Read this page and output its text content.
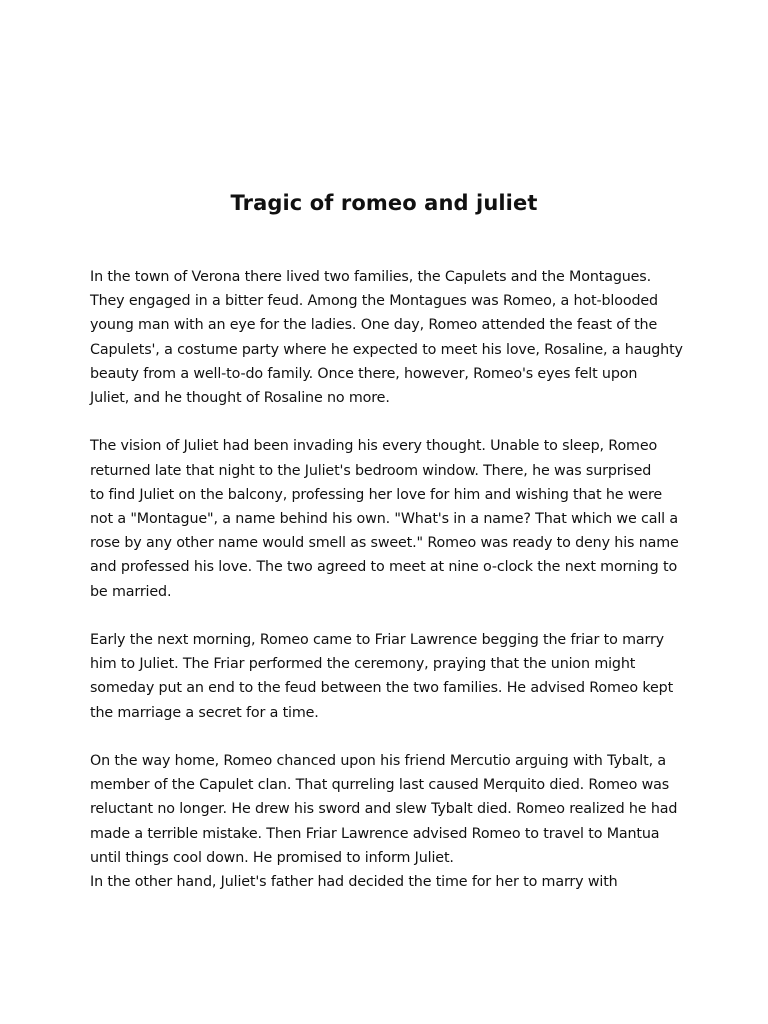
Tragic of romeo and juliet

In the town of Verona there lived two families, the Capulets and the Montagues.
They engaged in a bitter feud. Among the Montagues was Romeo, a hot-blooded
young man with an eye for the ladies. One day, Romeo attended the feast of the
Capulets', a costume party where he expected to meet his love, Rosaline, a haughty
beauty from a well-to-do family. Once there, however, Romeo's eyes felt upon
Juliet, and he thought of Rosaline no more.

The vision of Juliet had been invading his every thought. Unable to sleep, Romeo
returned late that night to the Juliet's bedroom window. There, he was surprised
to find Juliet on the balcony, professing her love for him and wishing that he were
not a "Montague", a name behind his own. "What's in a name? That which we call a
rose by any other name would smell as sweet." Romeo was ready to deny his name
and professed his love. The two agreed to meet at nine o-clock the next morning to
be married.

Early the next morning, Romeo came to Friar Lawrence begging the friar to marry
him to Juliet. The Friar performed the ceremony, praying that the union might
someday put an end to the feud between the two families. He advised Romeo kept
the marriage a secret for a time.

On the way home, Romeo chanced upon his friend Mercutio arguing with Tybalt, a
member of the Capulet clan. That qurreling last caused Merquito died. Romeo was
reluctant no longer. He drew his sword and slew Tybalt died. Romeo realized he had
made a terrible mistake. Then Friar Lawrence advised Romeo to travel to Mantua
until things cool down. He promised to inform Juliet.

In the other hand, Juliet's father had decided the time for her to marry with
